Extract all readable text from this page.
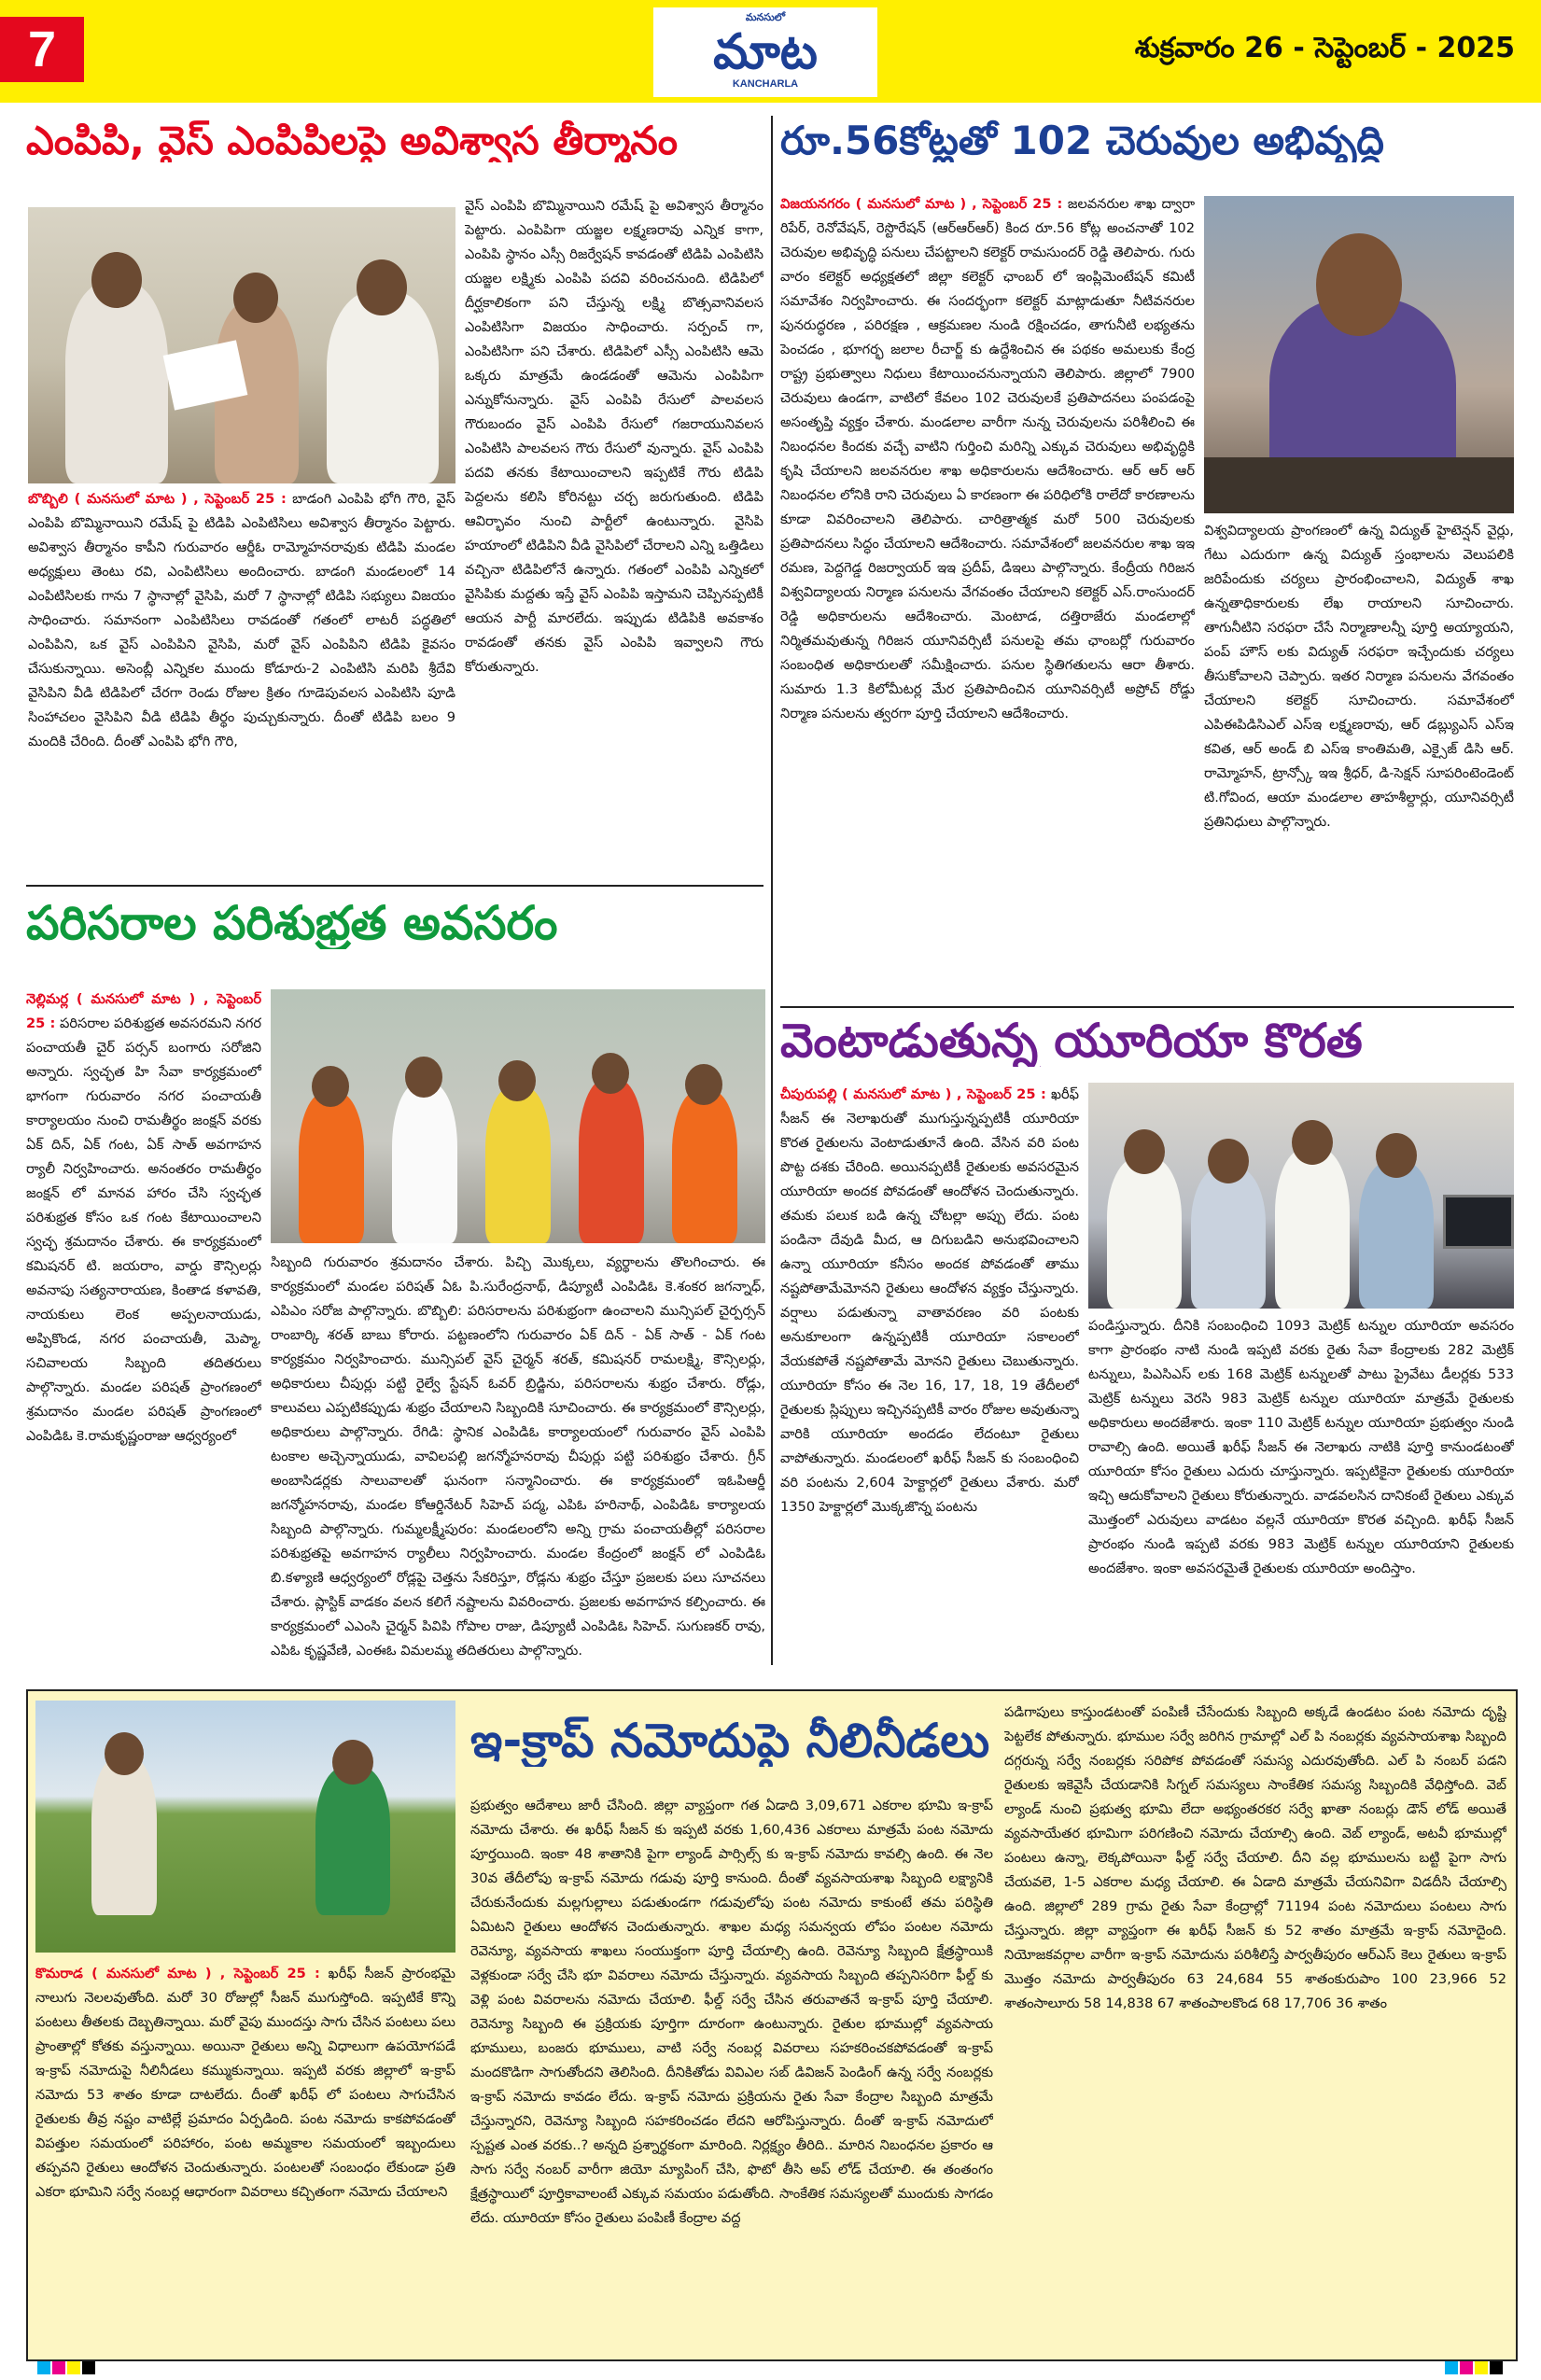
7
మనసులో
మాట
KANCHARLA
శుక్రవారం 26 - సెప్టెంబర్ - 2025
ఎంపిపి, వైస్ ఎంపిపిలపై అవిశ్వాస తీర్మానం

బొబ్బిలి ( మనసులో మాట ) , సెప్టెంబర్ 25 : బాడంగి ఎంపిపి భోగి గౌరి, వైస్ ఎంపిపి బొమ్మినాయిని రమేష్ పై టిడిపి ఎంపిటిసిలు అవిశ్వాస తీర్మానం పెట్టారు. అవిశ్వాస తీర్మానం కాపీని గురువారం ఆర్డీఓ రామ్మోహనరావుకు టిడిపి మండల అధ్యక్షులు తెంటు రవి, ఎంపిటిసిలు అందించారు. బాడంగి మండలంలో 14 ఎంపిటిసిలకు గాను 7 స్థానాల్లో వైసిపి, మరో 7 స్థానాల్లో టిడిపి సభ్యులు విజయం సాధించారు. సమానంగా ఎంపిటిసిలు రావడంతో గతంలో లాటరీ పద్ధతిలో ఎంపిపిని, ఒక వైస్ ఎంపిపిని వైసిపి, మరో వైస్ ఎంపిపిని టిడిపి కైవసం చేసుకున్నాయి. అసెంబ్లీ ఎన్నికల ముందు కోడూరు-2 ఎంపిటిసి మరిపి శ్రీదేవి వైసిపిని వీడి టిడిపిలో చేరగా రెండు రోజుల క్రితం గూడెపువలస ఎంపిటిసి పూడి సింహాచలం వైసిపిని వీడి టిడిపి తీర్థం పుచ్చుకున్నారు. దీంతో టిడిపి బలం 9 మందికి చేరింది. దీంతో ఎంపిపి భోగి గౌరి,

వైస్ ఎంపిపి బొమ్మినాయిని రమేష్ పై అవిశ్వాస తీర్మానం పెట్టారు. ఎంపిపిగా యజ్జల లక్ష్మణరావు ఎన్నిక కాగా, ఎంపిపి స్థానం ఎస్సీ రిజర్వేషన్ కావడంతో టిడిపి ఎంపిటిసి యజ్జల లక్ష్మికు ఎంపిపి పదవి వరించనుంది. టిడిపిలో దీర్ఘకాలికంగా పని చేస్తున్న లక్ష్మి బొత్సవానివలస ఎంపిటిసిగా విజయం సాధించారు. సర్పంచ్ గా, ఎంపిటిసిగా పని చేశారు. టిడిపిలో ఎస్సీ ఎంపిటిసి ఆమె ఒక్కరు మాత్రమే ఉండడంతో ఆమెను ఎంపిపిగా ఎన్నుకోనున్నారు. వైస్ ఎంపిపి రేసులో పాలవలస గౌరుబందం వైస్ ఎంపిపి రేసులో గజరాయునివలస ఎంపిటిసి పాలవలస గౌరు రేసులో వున్నారు. వైస్ ఎంపిపి పదవి తనకు కేటాయించాలని ఇప్పటికే గౌరు టిడిపి పెద్దలను కలిసి కోరినట్టు చర్చ జరుగుతుంది. టిడిపి ఆవిర్భావం నుంచి పార్టీలో ఉంటున్నారు. వైసిపి హయాంలో టిడిపిని వీడి వైసిపిలో చేరాలని ఎన్ని ఒత్తిడిలు వచ్చినా టిడిపిలోనే ఉన్నారు. గతంలో ఎంపిపి ఎన్నికలో వైసిపికు మద్దతు ఇస్తే వైస్ ఎంపిపి ఇస్తామని చెప్పినప్పటికీ ఆయన పార్టీ మారలేదు. ఇప్పుడు టిడిపికి అవకాశం రావడంతో తనకు వైస్ ఎంపిపి ఇవ్వాలని గౌరు కోరుతున్నారు.

రూ.56కోట్లతో 102 చెరువుల అభివృద్ధి

విజయనగరం ( మనసులో మాట ) , సెప్టెంబర్ 25 : జలవనరుల శాఖ ద్వారా రిపేర్, రెనోవేషన్, రెస్టొరేషన్ (ఆర్ఆర్ఆర్) కింద రూ.56 కోట్ల అంచనాతో 102 చెరువుల అభివృద్ధి పనులు చేపట్టాలని కలెక్టర్ రామసుందర్ రెడ్డి తెలిపారు. గురు వారం కలెక్టర్ అధ్యక్షతలో జిల్లా కలెక్టర్ ఛాంబర్ లో ఇంప్లిమెంటేషన్ కమిటీ సమావేశం నిర్వహించారు. ఈ సందర్భంగా కలెక్టర్ మాట్లాడుతూ నీటివనరుల పునరుద్ధరణ , పరిరక్షణ , ఆక్రమణల నుండి రక్షించడం, తాగునీటి లభ్యతను పెంచడం , భూగర్భ జలాల రీచార్జ్ కు ఉద్దేశించిన ఈ పథకం అమలుకు కేంద్ర రాష్ట్ర ప్రభుత్వాలు నిధులు కేటాయించనున్నాయని తెలిపారు. జిల్లాలో 7900 చెరువులు ఉండగా, వాటిలో కేవలం 102 చెరువులకే ప్రతిపాదనలు పంపడంపై అసంతృప్తి వ్యక్తం చేశారు. మండలాల వారీగా నున్న చెరువులను పరిశీలించి ఈ నిబంధనల కిందకు వచ్చే వాటిని గుర్తించి మరిన్ని ఎక్కువ చెరువులు అభివృద్ధికి కృషి చేయాలని జలవనరుల శాఖ అధికారులను ఆదేశించారు. ఆర్ ఆర్ ఆర్ నిబంధనల లోనికి రాని చెరువులు ఏ కారణంగా ఈ పరిధిలోకి రాలేదో కారణాలను కూడా వివరించాలని తెలిపారు. చారిత్రాత్మక మరో 500 చెరువులకు ప్రతిపాదనలు సిద్ధం చేయాలని ఆదేశించారు. సమావేశంలో జలవనరుల శాఖ ఇఇ రమణ, పెద్దగెడ్డ రిజర్వాయర్ ఇఇ ప్రదీప్, డిఇలు పాల్గొన్నారు. కేంద్రీయ గిరిజన విశ్వవిద్యాలయ నిర్మాణ పనులను వేగవంతం చేయాలని కలెక్టర్ ఎస్.రాంసుందర్ రెడ్డి అధికారులను ఆదేశించారు. మెంటాడ, దత్తిరాజేరు మండలాల్లో నిర్మితమవుతున్న గిరిజన యూనివర్సిటీ పనులపై తమ ఛాంబర్లో గురువారం సంబంధిత అధికారులతో సమీక్షించారు. పనుల స్థితిగతులను ఆరా తీశారు. సుమారు 1.3 కిలోమీటర్ల మేర ప్రతిపాదించిన యూనివర్సిటీ అప్రోచ్ రోడ్డు నిర్మాణ పనులను త్వరగా పూర్తి చేయాలని ఆదేశించారు.

విశ్వవిద్యాలయ ప్రాంగణంలో ఉన్న విద్యుత్ హైటెన్షన్ వైర్లు, గేటు ఎదురుగా ఉన్న విద్యుత్ స్తంభాలను వెలుపలికి జరిపేందుకు చర్యలు ప్రారంభించాలని, విద్యుత్ శాఖ ఉన్నతాధికారులకు లేఖ రాయాలని సూచించారు. తాగునీటిని సరఫరా చేసే నిర్మాణాలన్నీ పూర్తి అయ్యాయని, పంప్ హౌస్ లకు విద్యుత్ సరఫరా ఇచ్చేందుకు చర్యలు తీసుకోవాలని చెప్పారు. ఇతర నిర్మాణ పనులను వేగవంతం చేయాలని కలెక్టర్ సూచించారు. సమావేశంలో ఎపిఈపిడిసిఎల్ ఎస్ఇ లక్ష్మణరావు, ఆర్ డబ్ల్యుఎస్ ఎస్ఇ కవిత, ఆర్ అండ్ బి ఎస్ఇ కాంతిమతి, ఎక్సైజ్ డిసి ఆర్. రామ్మోహన్, ట్రాన్స్కో ఇఇ శ్రీధర్, డి-సెక్షన్ సూపరింటెండెంట్ టి.గోవింద, ఆయా మండలాల తాహశీల్దార్లు, యూనివర్సిటీ ప్రతినిధులు పాల్గొన్నారు.

పరిసరాల పరిశుభ్రత అవసరం

నెల్లిమర్ల ( మనసులో మాట ) , సెప్టెంబర్ 25 : పరిసరాల పరిశుభ్రత అవసరమని నగర పంచాయతీ చైర్ పర్సన్ బంగారు సరోజిని అన్నారు. స్వచ్ఛత హి సేవా కార్యక్రమంలో భాగంగా గురువారం నగర పంచాయతీ కార్యాలయం నుంచి రామతీర్థం జంక్షన్ వరకు ఏక్ దిన్, ఏక్ గంట, ఏక్ సాత్ అవగాహన ర్యాలీ నిర్వహించారు. అనంతరం రామతీర్థం జంక్షన్ లో మానవ హారం చేసి స్వచ్ఛత పరిశుభ్రత కోసం ఒక గంట కేటాయించాలని స్వచ్ఛ శ్రమదానం చేశారు. ఈ కార్యక్రమంలో కమిషనర్ టి. జయరాం, వార్డు కౌన్సిలర్లు అవనాపు సత్యనారాయణ, కింతాడ కళావతి, నాయకులు లెంక అప్పలనాయుడు, అప్పికొండ, నగర పంచాయతీ, మెప్మా, సచివాలయ సిబ్బంది తదితరులు పాల్గొన్నారు. మండల పరిషత్ ప్రాంగణంలో శ్రమదానం మండల పరిషత్ ప్రాంగణంలో ఎంపిడిఓ కె.రామకృష్ణంరాజు ఆధ్వర్యంలో

సిబ్బంది గురువారం శ్రమదానం చేశారు. పిచ్చి మొక్కలు, వ్యర్థాలను తొలగించారు. ఈ కార్యక్రమంలో మండల పరిషత్ ఏఓ పి.సురేంద్రనాథ్, డిప్యూటీ ఎంపిడిఓ కె.శంకర జగన్నాధ్, ఎపిఎం సరోజ పాల్గొన్నారు. బొబ్బిలి: పరిసరాలను పరిశుభ్రంగా ఉంచాలని మున్సిపల్ చైర్పర్సన్ రాంబార్కి శరత్ బాబు కోరారు. పట్టణంలోని గురువారం ఏక్ దిన్ - ఏక్ సాత్ - ఏక్ గంట కార్యక్రమం నిర్వహించారు. మున్సిపల్ వైస్ చైర్మన్ శరత్, కమిషనర్ రామలక్ష్మి, కౌన్సిలర్లు, అధికారులు చీపుర్లు పట్టి రైల్వే స్టేషన్ ఓవర్ బ్రిడ్జిను, పరిసరాలను శుభ్రం చేశారు. రోడ్లు, కాలువలు ఎప్పటికప్పుడు శుభ్రం చేయాలని సిబ్బందికి సూచించారు. ఈ కార్యక్రమంలో కౌన్సిలర్లు, అధికారులు పాల్గొన్నారు. రేగిడి: స్థానిక ఎంపిడిఓ కార్యాలయంలో గురువారం వైస్ ఎంపిపి టంకాల అచ్చెన్నాయుడు, వావిలపల్లి జగన్మోహనరావు చీపుర్లు పట్టి పరిశుభ్రం చేశారు. గ్రీన్ అంబాసిడర్లకు సాలువాలతో ఘనంగా సన్మానించారు. ఈ కార్యక్రమంలో ఇఓపిఆర్డీ జగన్మోహనరావు, మండల కోఆర్డినేటర్ సిహెచ్ పద్మ, ఎపిఓ హరినాథ్, ఎంపిడిఓ కార్యాలయ సిబ్బంది పాల్గొన్నారు. గుమ్మలక్ష్మీపురం: మండలంలోని అన్ని గ్రామ పంచాయతీల్లో పరిసరాల పరిశుభ్రతపై అవగాహన ర్యాలీలు నిర్వహించారు. మండల కేంద్రంలో జంక్షన్ లో ఎంపిడిఓ బి.కళ్యాణి ఆధ్వర్యంలో రోడ్లపై చెత్తను సేకరిస్తూ, రోడ్లను శుభ్రం చేస్తూ ప్రజలకు పలు సూచనలు చేశారు. ప్లాస్టిక్ వాడకం వలన కలిగే నష్టాలను వివరించారు. ప్రజలకు అవగాహన కల్పించారు. ఈ కార్యక్రమంలో ఎఎంసి చైర్మన్ పివిపి గోపాల రాజు, డిప్యూటీ ఎంపిడిఓ సిహెచ్. సుగుణకర్ రావు, ఎపిఓ కృష్ణవేణి, ఎంఈఓ విమలమ్మ తదితరులు పాల్గొన్నారు.

వెంటాడుతున్న యూరియా కొరత

చీపురుపల్లి ( మనసులో మాట ) , సెప్టెంబర్ 25 : ఖరీఫ్ సీజన్ ఈ నెలాఖరుతో ముగుస్తున్నప్పటికీ యూరియా కొరత రైతులను వెంటాడుతూనే ఉంది. వేసిన వరి పంట పొట్ట దశకు చేరింది. అయినప్పటికీ రైతులకు అవసరమైన యూరియా అందక పోవడంతో ఆందోళన చెందుతున్నారు. తమకు పలుక బడి ఉన్న చోటల్లా అప్పు లేదు. పంట పండినా దేవుడి మీద, ఆ దిగుబడిని అనుభవించాలని ఉన్నా యూరియా కనీసం అందక పోవడంతో తాము నష్టపోతామేమోనని రైతులు ఆందోళన వ్యక్తం చేస్తున్నారు. వర్షాలు పడుతున్నా వాతావరణం వరి పంటకు అనుకూలంగా ఉన్నప్పటికీ యూరియా సకాలంలో వేయకపోతే నష్టపోతామే మోనని రైతులు చెబుతున్నారు. యూరియా కోసం ఈ నెల 16, 17, 18, 19 తేదీలలో రైతులకు స్లిప్పులు ఇచ్చినప్పటికీ వారం రోజుల అవుతున్నా వారికి యూరియా అందడం లేదంటూ రైతులు వాపోతున్నారు. మండలంలో ఖరీఫ్ సీజన్ కు సంబంధించి వరి పంటను 2,604 హెక్టార్లలో రైతులు వేశారు. మరో 1350 హెక్టార్లలో మొక్కజొన్న పంటను

పండిస్తున్నారు. దీనికి సంబంధించి 1093 మెట్రిక్ టన్నుల యూరియా అవసరం కాగా ప్రారంభం నాటి నుండి ఇప్పటి వరకు రైతు సేవా కేంద్రాలకు 282 మెట్రిక్ టన్నులు, పిఎసిఎస్ లకు 168 మెట్రిక్ టన్నులతో పాటు ప్రైవేటు డీలర్లకు 533 మెట్రిక్ టన్నులు వెరసి 983 మెట్రిక్ టన్నుల యూరియా మాత్రమే రైతులకు అధికారులు అందజేశారు. ఇంకా 110 మెట్రిక్ టన్నుల యూరియా ప్రభుత్వం నుండి రావాల్సి ఉంది. అయితే ఖరీఫ్ సీజన్ ఈ నెలాఖరు నాటికి పూర్తి కానుండటంతో యూరియా కోసం రైతులు ఎదురు చూస్తున్నారు. ఇప్పటికైనా రైతులకు యూరియా ఇచ్చి ఆదుకోవాలని రైతులు కోరుతున్నారు. వాడవలసిన దానికంటే రైతులు ఎక్కువ మొత్తంలో ఎరువులు వాడటం వల్లనే యూరియా కొరత వచ్చింది. ఖరీఫ్ సీజన్ ప్రారంభం నుండి ఇప్పటి వరకు 983 మెట్రిక్ టన్నుల యూరియాని రైతులకు అందజేశాం. ఇంకా అవసరమైతే రైతులకు యూరియా అందిస్తాం.

కొమరాడ ( మనసులో మాట ) , సెప్టెంబర్ 25 : ఖరీఫ్ సీజన్ ప్రారంభమై నాలుగు నెలలవుతోంది. మరో 30 రోజుల్లో సీజన్ ముగుస్తోంది. ఇప్పటికే కొన్ని పంటలు తీతలకు దెబ్బతిన్నాయి. మరో వైపు ముందస్తు సాగు చేసిన పంటలు పలు ప్రాంతాల్లో కోతకు వస్తున్నాయి. అయినా రైతులు అన్ని విధాలుగా ఉపయోగపడే ఇ-క్రాప్ నమోదుపై నీలినీడలు కమ్ముకున్నాయి. ఇప్పటి వరకు జిల్లాలో ఇ-క్రాప్ నమోదు 53 శాతం కూడా దాటలేదు. దీంతో ఖరీఫ్ లో పంటలు సాగుచేసిన రైతులకు తీవ్ర నష్టం వాటిల్లే ప్రమాదం ఏర్పడింది. పంట నమోదు కాకపోవడంతో విపత్తుల సమయంలో పరిహారం, పంట అమ్మకాల సమయంలో ఇబ్బందులు తప్పవని రైతులు ఆందోళన చెందుతున్నారు. పంటలతో సంబంధం లేకుండా ప్రతి ఎకరా భూమిని సర్వే నంబర్ల ఆధారంగా వివరాలు కచ్చితంగా నమోదు చేయాలని

ఇ-క్రాప్ నమోదుపై నీలినీడలు

ప్రభుత్వం ఆదేశాలు జారీ చేసింది. జిల్లా వ్యాప్తంగా గత ఏడాది 3,09,671 ఎకరాల భూమి ఇ-క్రాప్ నమోదు చేశారు. ఈ ఖరీఫ్ సీజన్ కు ఇప్పటి వరకు 1,60,436 ఎకరాలు మాత్రమే పంట నమోదు పూర్తయింది. ఇంకా 48 శాతానికి పైగా ల్యాండ్ పార్సిల్స్ కు ఇ-క్రాప్ నమోదు కావల్సి ఉంది. ఈ నెల 30వ తేదీలోపు ఇ-క్రాప్ నమోదు గడువు పూర్తి కానుంది. దీంతో వ్యవసాయశాఖ సిబ్బంది లక్ష్యానికి చేరుకునేందుకు మల్లగుల్లాలు పడుతుండగా గడువులోపు పంట నమోదు కాకుంటే తమ పరిస్థితి ఏమిటని రైతులు ఆందోళన చెందుతున్నారు. శాఖల మధ్య సమన్వయ లోపం పంటల నమోదు రెవెన్యూ, వ్యవసాయ శాఖలు సంయుక్తంగా పూర్తి చేయాల్సి ఉంది. రెవెన్యూ సిబ్బంది క్షేత్రస్థాయికి వెళ్లకుండా సర్వే చేసి భూ వివరాలు నమోదు చేస్తున్నారు. వ్యవసాయ సిబ్బంది తప్పనిసరిగా ఫీల్డ్ కు వెళ్లి పంట వివరాలను నమోదు చేయాలి. ఫీల్డ్ సర్వే చేసిన తరువాతనే ఇ-క్రాప్ పూర్తి చేయాలి. రెవెన్యూ సిబ్బంది ఈ ప్రక్రియకు పూర్తిగా దూరంగా ఉంటున్నారు. రైతుల భూముల్లో వ్యవసాయ భూములు, బంజరు భూములు, వాటి సర్వే నంబర్ల వివరాలు సహకరించకపోవడంతో ఇ-క్రాప్ మందకొడిగా సాగుతోందని తెలిసింది. దీనికితోడు వివిఎల సబ్ డివిజన్ పెండింగ్ ఉన్న సర్వే నంబర్లకు ఇ-క్రాప్ నమోదు కావడం లేదు. ఇ-క్రాప్ నమోదు ప్రక్రియను రైతు సేవా కేంద్రాల సిబ్బంది మాత్రమే చేస్తున్నారని, రెవెన్యూ సిబ్బంది సహకరించడం లేదని ఆరోపిస్తున్నారు. దీంతో ఇ-క్రాప్ నమోదులో స్పష్టత ఎంత వరకు..? అన్నది ప్రశ్నార్థకంగా మారింది. నిర్లక్ష్యం తీరిది.. మారిన నిబంధనల ప్రకారం ఆ సాగు సర్వే నంబర్ వారీగా జియో మ్యాపింగ్ చేసి, ఫొటో తీసి అప్ లోడ్ చేయాలి. ఈ తంతంగం క్షేత్రస్థాయిలో పూర్తికావాలంటే ఎక్కువ సమయం పడుతోంది. సాంకేతిక సమస్యలతో ముందుకు సాగడం లేదు. యూరియా కోసం రైతులు పంపిణీ కేంద్రాల వద్ద

పడిగాపులు కాస్తుండటంతో పంపిణీ చేసేందుకు సిబ్బంది అక్కడే ఉండటం పంట నమోదు దృష్టి పెట్టలేక పోతున్నారు. భూముల సర్వే జరిగిన గ్రామాల్లో ఎల్ పి నంబర్లకు వ్యవసాయశాఖ సిబ్బంది దగ్గరున్న సర్వే నంబర్లకు సరిపోక పోవడంతో సమస్య ఎదురవుతోంది. ఎల్ పి నంబర్ పడని రైతులకు ఇకెవైసీ చేయడానికి సిగ్నల్ సమస్యలు సాంకేతిక సమస్య సిబ్బందికి వేధిస్తోంది. వెబ్ ల్యాండ్ నుంచి ప్రభుత్వ భూమి లేదా అభ్యంతరకర సర్వే ఖాతా నంబర్లు డౌన్ లోడ్ అయితే వ్యవసాయేతర భూమిగా పరిగణించి నమోదు చేయాల్సి ఉంది. వెబ్ ల్యాండ్, అటవీ భూముల్లో పంటలు ఉన్నా, లెక్కపోయినా ఫీల్డ్ సర్వే చేయాలి. దీని వల్ల భూములను బట్టి పైగా సాగు చేయవలె, 1-5 ఎకరాల మధ్య చేయాలి. ఈ ఏడాది మాత్రమే చేయనివిగా విడదీసి చేయాల్సి ఉంది. జిల్లాలో 289 గ్రామ రైతు సేవా కేంద్రాల్లో 71194 పంట నమోదులు పంటలు సాగు చేస్తున్నారు. జిల్లా వ్యాప్తంగా ఈ ఖరీఫ్ సీజన్ కు 52 శాతం మాత్రమే ఇ-క్రాప్ నమోదైంది. నియోజకవర్గాల వారీగా ఇ-క్రాప్ నమోదును పరిశీలిస్తే పార్వతీపురం ఆర్ఎస్ కెలు రైతులు ఇ-క్రాప్ మొత్తం నమోదు పార్వతీపురం 63 24,684 55 శాతంకురుపాం 100 23,966 52 శాతంసాలూరు 58 14,838 67 శాతంపాలకొండ 68 17,706 36 శాతం
